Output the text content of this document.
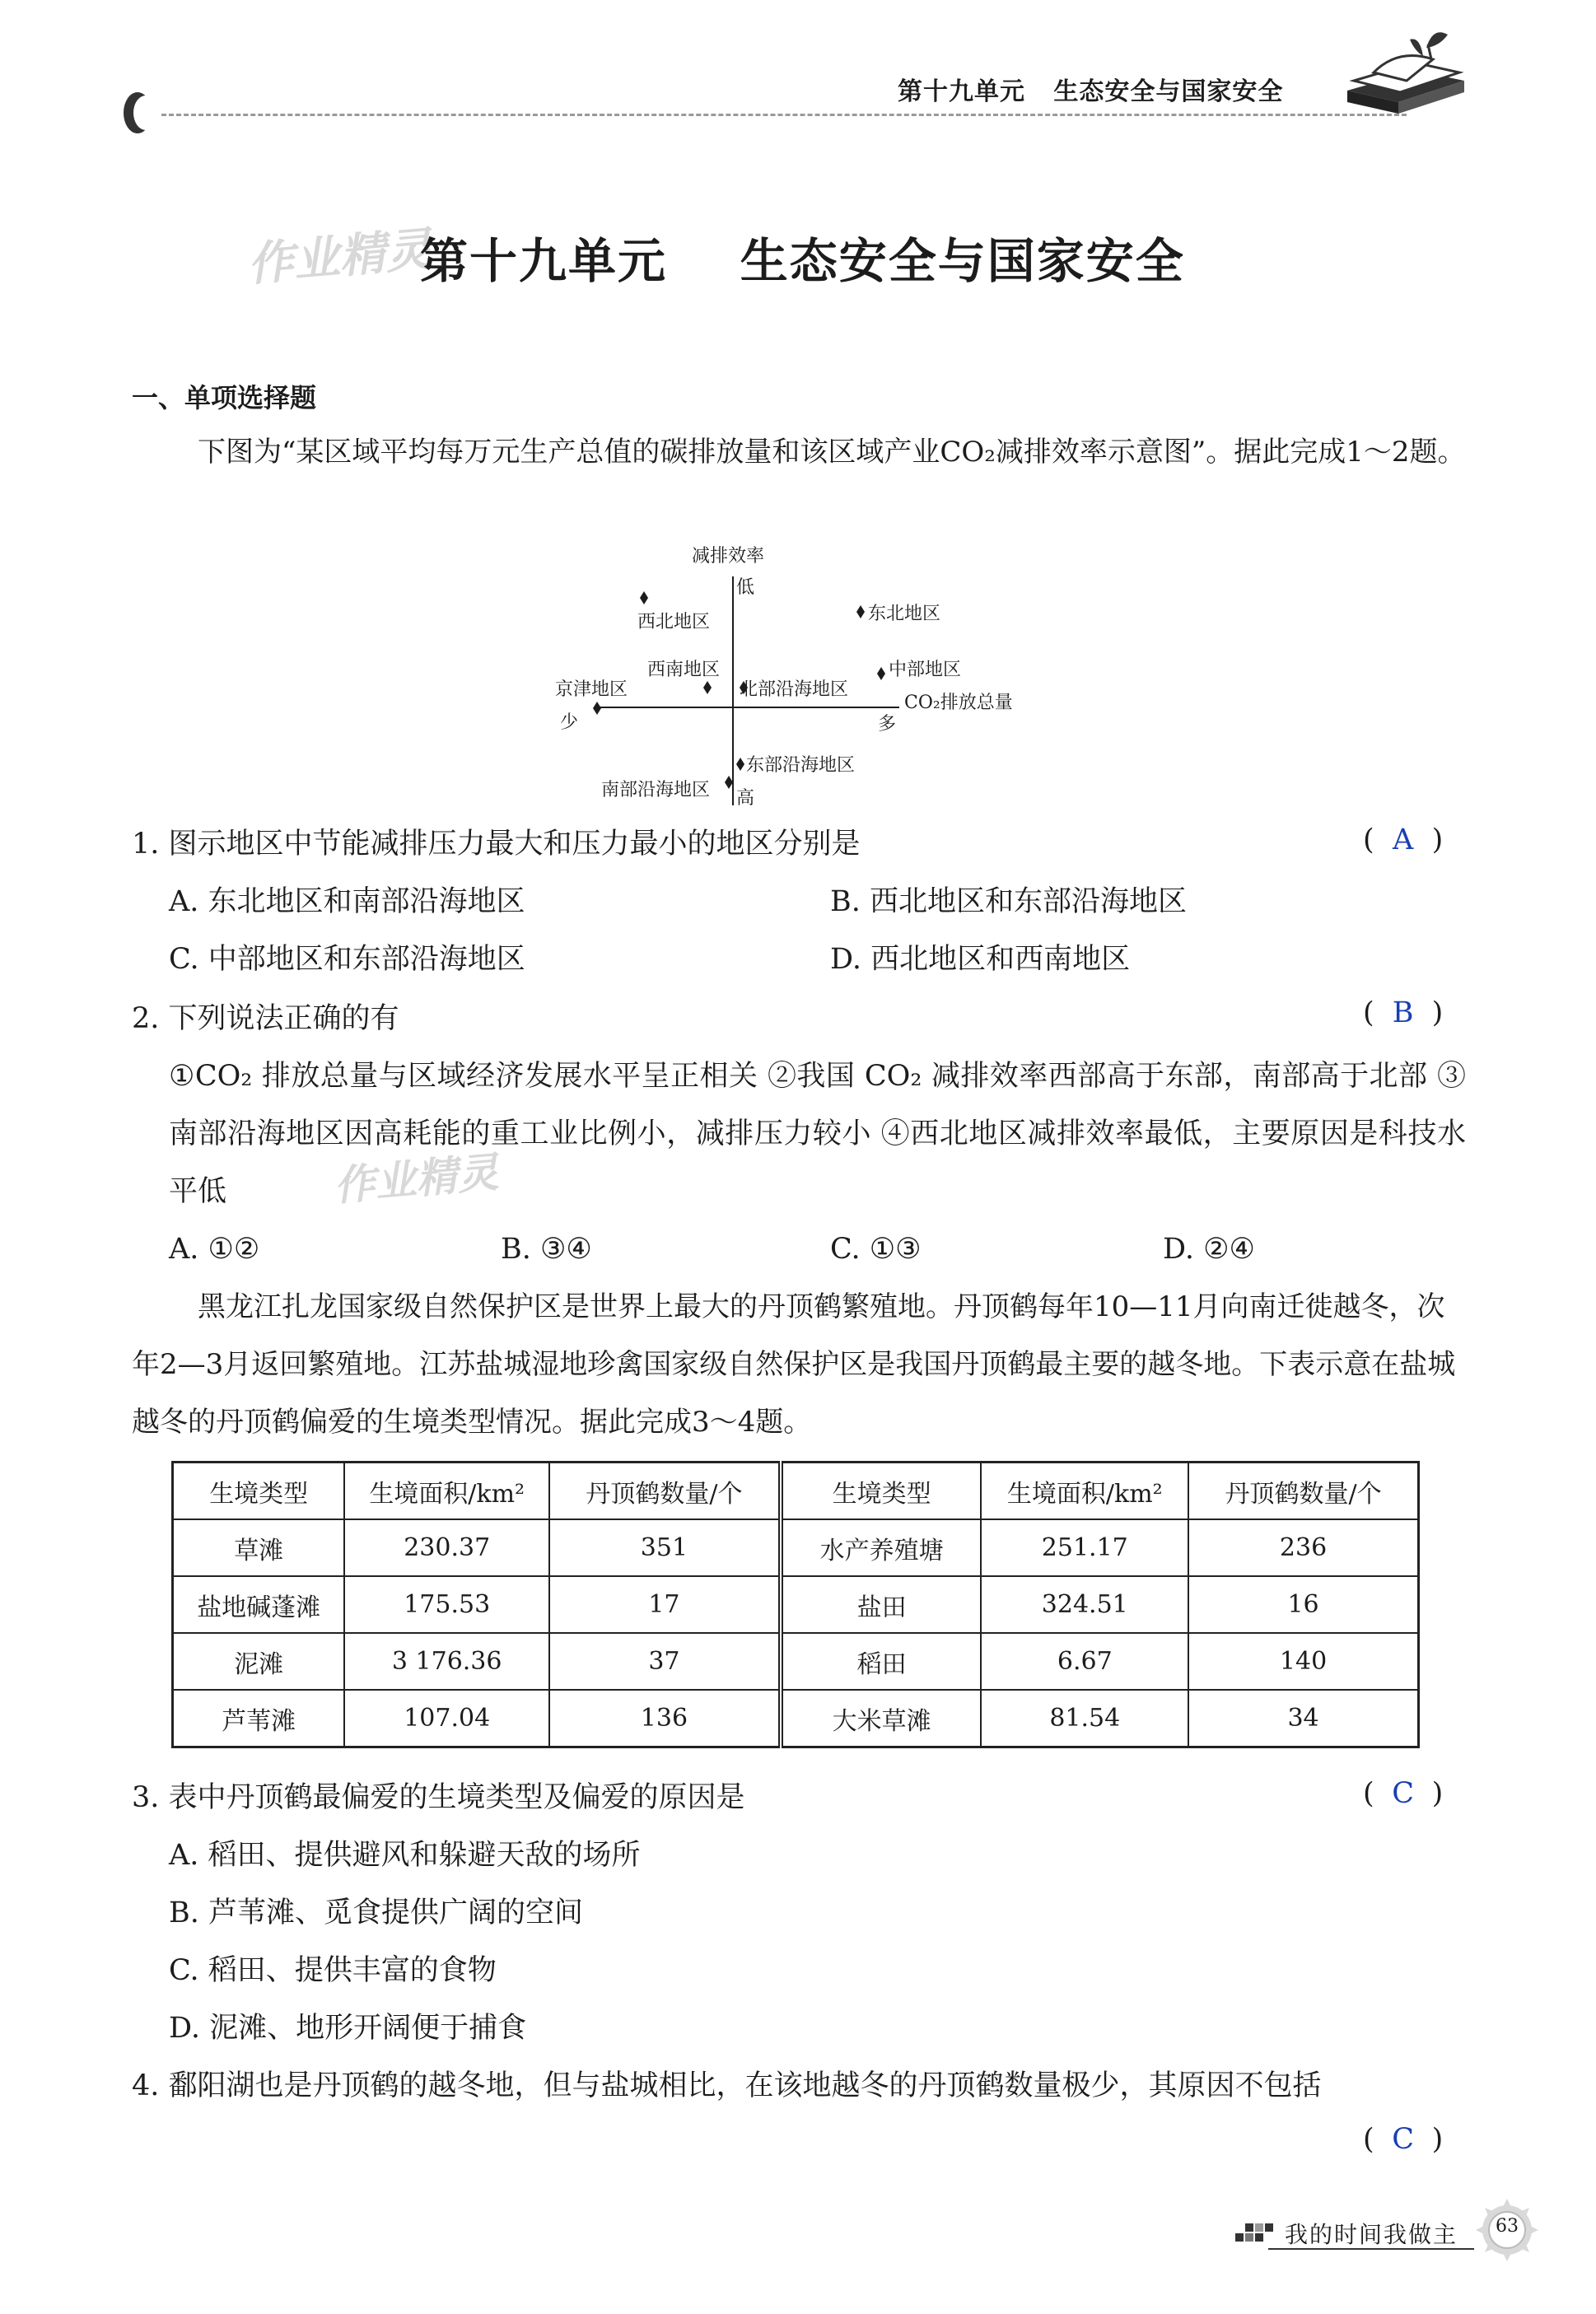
第十九单元   生态安全与国家安全
作业精灵
作业精灵
第十九单元    生态安全与国家安全
一、单项选择题
下图为“某区域平均每万元生产总值的碳排放量和该区域产业CO₂减排效率示意图”。据此完成1～2题。
减排效率
低
高
CO₂排放总量
少	多
西北地区	东北地区
西南地区	中部地区
京津地区	北部沿海地区
东部沿海地区
南部沿海地区
1. 图示地区中节能减排压力最大和压力最小的地区分别是	( A )
A. 东北地区和南部沿海地区	B. 西北地区和东部沿海地区
C. 中部地区和东部沿海地区	D. 西北地区和西南地区
2. 下列说法正确的有	( B )
①CO₂ 排放总量与区域经济发展水平呈正相关 ②我国 CO₂ 减排效率西部高于东部，南部高于北部 ③南部沿海地区因高耗能的重工业比例小，减排压力较小 ④西北地区减排效率最低，主要原因是科技水平低
A. ①②	B. ③④	C. ①③	D. ②④
黑龙江扎龙国家级自然保护区是世界上最大的丹顶鹤繁殖地。丹顶鹤每年10—11月向南迁徙越冬，次年2—3月返回繁殖地。江苏盐城湿地珍禽国家级自然保护区是我国丹顶鹤最主要的越冬地。下表示意在盐城越冬的丹顶鹤偏爱的生境类型情况。据此完成3～4题。
生境类型	生境面积/km²	丹顶鹤数量/个	生境类型	生境面积/km²	丹顶鹤数量/个
草滩	230.37	351	水产养殖塘	251.17	236
盐地碱蓬滩	175.53	17	盐田	324.51	16
泥滩	3 176.36	37	稻田	6.67	140
芦苇滩	107.04	136	大米草滩	81.54	34
3. 表中丹顶鹤最偏爱的生境类型及偏爱的原因是	( C )
A. 稻田、提供避风和躲避天敌的场所
B. 芦苇滩、觅食提供广阔的空间
C. 稻田、提供丰富的食物
D. 泥滩、地形开阔便于捕食
4. 鄱阳湖也是丹顶鹤的越冬地，但与盐城相比，在该地越冬的丹顶鹤数量极少，其原因不包括
( C )
我的时间我做主	63
